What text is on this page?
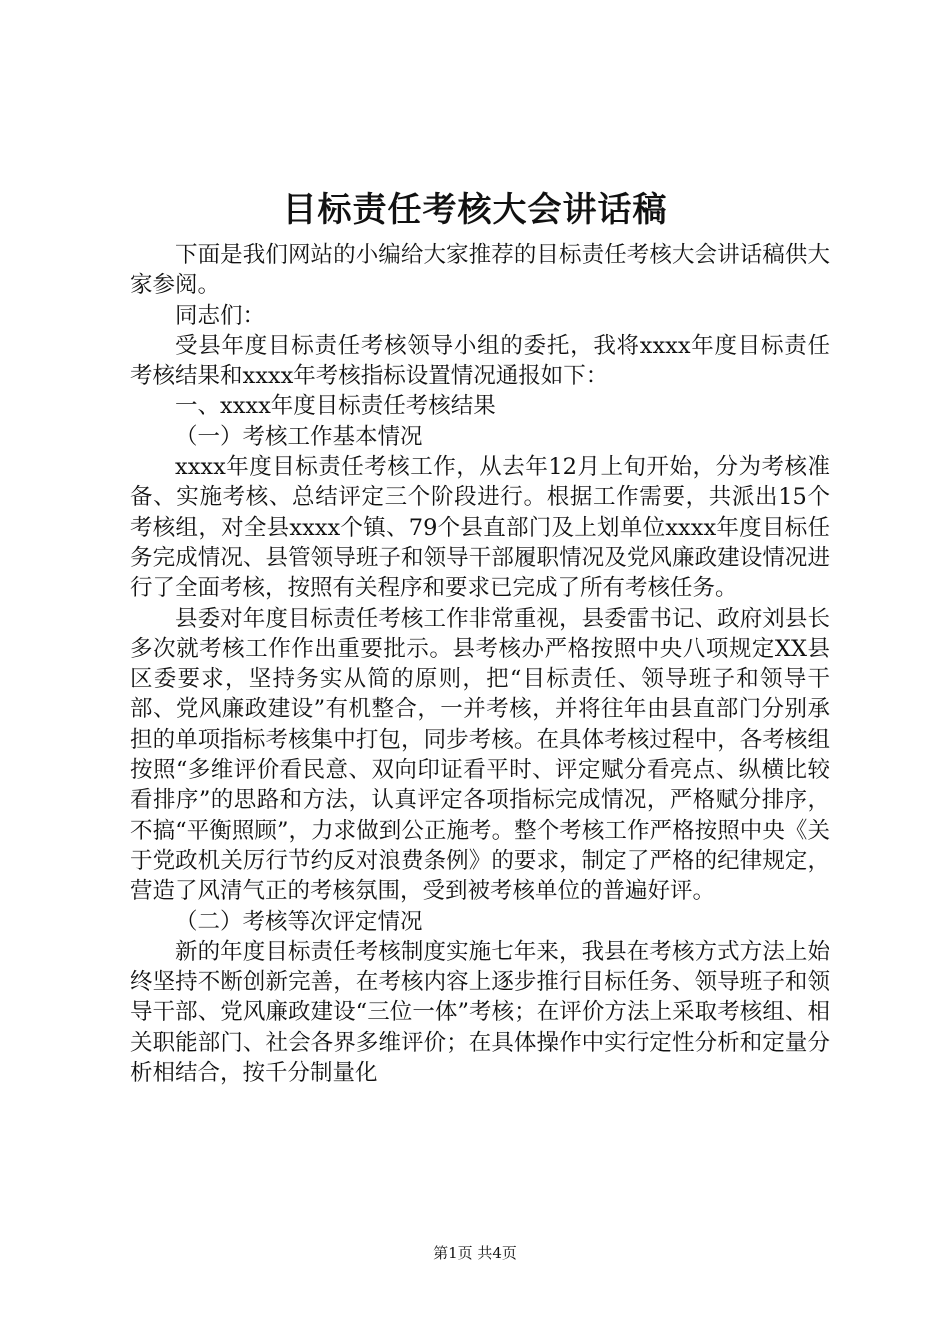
目标责任考核大会讲话稿

下面是我们网站的小编给大家推荐的目标责任考核大会讲话稿供大家参阅。

同志们：

受县年度目标责任考核领导小组的委托，我将xxxx年度目标责任考核结果和xxxx年考核指标设置情况通报如下：

一、xxxx年度目标责任考核结果

（一）考核工作基本情况

xxxx年度目标责任考核工作，从去年12月上旬开始，分为考核准备、实施考核、总结评定三个阶段进行。根据工作需要，共派出15个考核组，对全县xxxx个镇、79个县直部门及上划单位xxxx年度目标任务完成情况、县管领导班子和领导干部履职情况及党风廉政建设情况进行了全面考核，按照有关程序和要求已完成了所有考核任务。

县委对年度目标责任考核工作非常重视，县委雷书记、政府刘县长多次就考核工作作出重要批示。县考核办严格按照中央八项规定XX县区委要求，坚持务实从简的原则，把“目标责任、领导班子和领导干部、党风廉政建设”有机整合，一并考核，并将往年由县直部门分别承担的单项指标考核集中打包，同步考核。在具体考核过程中，各考核组按照“多维评价看民意、双向印证看平时、评定赋分看亮点、纵横比较看排序”的思路和方法，认真评定各项指标完成情况，严格赋分排序，不搞“平衡照顾”，力求做到公正施考。整个考核工作严格按照中央《关于党政机关厉行节约反对浪费条例》的要求，制定了严格的纪律规定，营造了风清气正的考核氛围，受到被考核单位的普遍好评。

（二）考核等次评定情况

新的年度目标责任考核制度实施七年来，我县在考核方式方法上始终坚持不断创新完善，在考核内容上逐步推行目标任务、领导班子和领导干部、党风廉政建设“三位一体”考核；在评价方法上采取考核组、相关职能部门、社会各界多维评价；在具体操作中实行定性分析和定量分析相结合，按千分制量化

第1页 共4页
